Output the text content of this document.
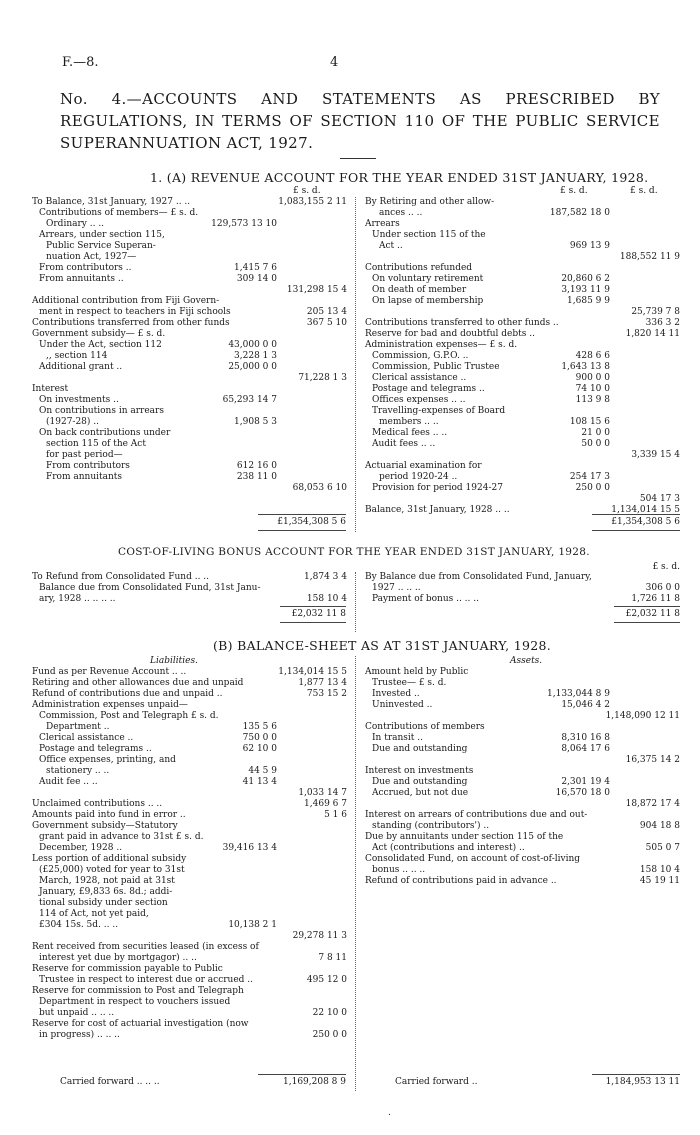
F.—8.	4
No. 4.—ACCOUNTS AND STATEMENTS AS PRESCRIBED BY REGULATIONS, IN TERMS OF SECTION 110 OF THE PUBLIC SERVICE SUPERANNUATION ACT, 1927.
1. (A) REVENUE ACCOUNT FOR THE YEAR ENDED 31ST JANUARY, 1928.
£ s. d.	£ s. d.	£ s. d.
To Balance, 31st January, 1927 .. ..	1,083,155 2 11
Contributions of members— £ s. d.
Ordinary .. ..	129,573 13 10
Arrears, under section 115,
Public Service Superan-
nuation Act, 1927—
From contributors ..	1,415 7 6
From annuitants ..	309 14 0
131,298 15 4
Additional contribution from Fiji Govern-
ment in respect to teachers in Fiji schools	205 13 4
Contributions transferred from other funds	367 5 10
Government subsidy— £ s. d.
Under the Act, section 112	43,000 0 0
,, section 114	3,228 1 3
Additional grant ..	25,000 0 0
71,228 1 3
Interest
On investments ..	65,293 14 7
On contributions in arrears
(1927-28) ..	1,908 5 3
On back contributions under
section 115 of the Act
for past period—
From contributors	612 16 0
From annuitants	238 11 0
68,053 6 10
By Retiring and other allow-
ances .. ..	187,582 18 0
Arrears
Under section 115 of the
Act ..	969 13 9
188,552 11 9
Contributions refunded
On voluntary retirement	20,860 6 2
On death of member	3,193 11 9
On lapse of membership	1,685 9 9
25,739 7 8
Contributions transferred to other funds ..	336 3 2
Reserve for bad and doubtful debts ..	1,820 14 11
Administration expenses— £ s. d.
Commission, G.P.O. ..	428 6 6
Commission, Public Trustee	1,643 13 8
Clerical assistance ..	900 0 0
Postage and telegrams ..	74 10 0
Offices expenses .. ..	113 9 8
Travelling-expenses of Board
members .. ..	108 15 6
Medical fees .. ..	21 0 0
Audit fees .. ..	50 0 0
3,339 15 4
Actuarial examination for
period 1920-24 ..	254 17 3
Provision for period 1924-27	250 0 0
504 17 3
Balance, 31st January, 1928 .. ..	1,134,014 15 5
£1,354,308 5 6	£1,354,308 5 6
COST-OF-LIVING BONUS ACCOUNT FOR THE YEAR ENDED 31ST JANUARY, 1928.
£ s. d.
To Refund from Consolidated Fund .. ..	1,874 3 4
Balance due from Consolidated Fund, 31st Janu-
ary, 1928 .. .. .. ..	158 10 4
By Balance due from Consolidated Fund, January,
1927 .. .. ..	306 0 0
Payment of bonus .. .. ..	1,726 11 8
£2,032 11 8	£2,032 11 8
(B) BALANCE-SHEET AS AT 31ST JANUARY, 1928.
Liabilities.	Assets.
Fund as per Revenue Account .. ..	1,134,014 15 5
Retiring and other allowances due and unpaid	1,877 13 4
Refund of contributions due and unpaid ..	753 15 2
Administration expenses unpaid—
Commission, Post and Telegraph £ s. d.
Department ..	135 5 6
Clerical assistance ..	750 0 0
Postage and telegrams ..	62 10 0
Office expenses, printing, and
stationery .. ..	44 5 9
Audit fee .. ..	41 13 4
1,033 14 7
Unclaimed contributions .. ..	1,469 6 7
Amounts paid into fund in error ..	5 1 6
Government subsidy—Statutory
grant paid in advance to 31st £ s. d.
December, 1928 ..	39,416 13 4
Less portion of additional subsidy
(£25,000) voted for year to 31st
March, 1928, not paid at 31st
January, £9,833 6s. 8d.; addi-
tional subsidy under section
114 of Act, not yet paid,
£304 15s. 5d. .. ..	10,138 2 1
29,278 11 3
Rent received from securities leased (in excess of
interest yet due by mortgagor) .. ..	7 8 11
Reserve for commission payable to Public
Trustee in respect to interest due or accrued ..	495 12 0
Reserve for commission to Post and Telegraph
Department in respect to vouchers issued
but unpaid .. .. ..	22 10 0
Reserve for cost of actuarial investigation (now
in progress) .. .. ..	250 0 0
Amount held by Public
Trustee— £ s. d.
Invested ..	1,133,044 8 9
Uninvested ..	15,046 4 2
1,148,090 12 11
Contributions of members
In transit ..	8,310 16 8
Due and outstanding	8,064 17 6
16,375 14 2
Interest on investments
Due and outstanding	2,301 19 4
Accrued, but not due	16,570 18 0
18,872 17 4
Interest on arrears of contributions due and out-
standing (contributors') ..	904 18 8
Due by annuitants under section 115 of the
Act (contributions and interest) ..	505 0 7
Consolidated Fund, on account of cost-of-living
bonus .. .. ..	158 10 4
Refund of contributions paid in advance ..	45 19 11
Carried forward .. .. ..	1,169,208 8 9	Carried forward ..	1,184,953 13 11
.
